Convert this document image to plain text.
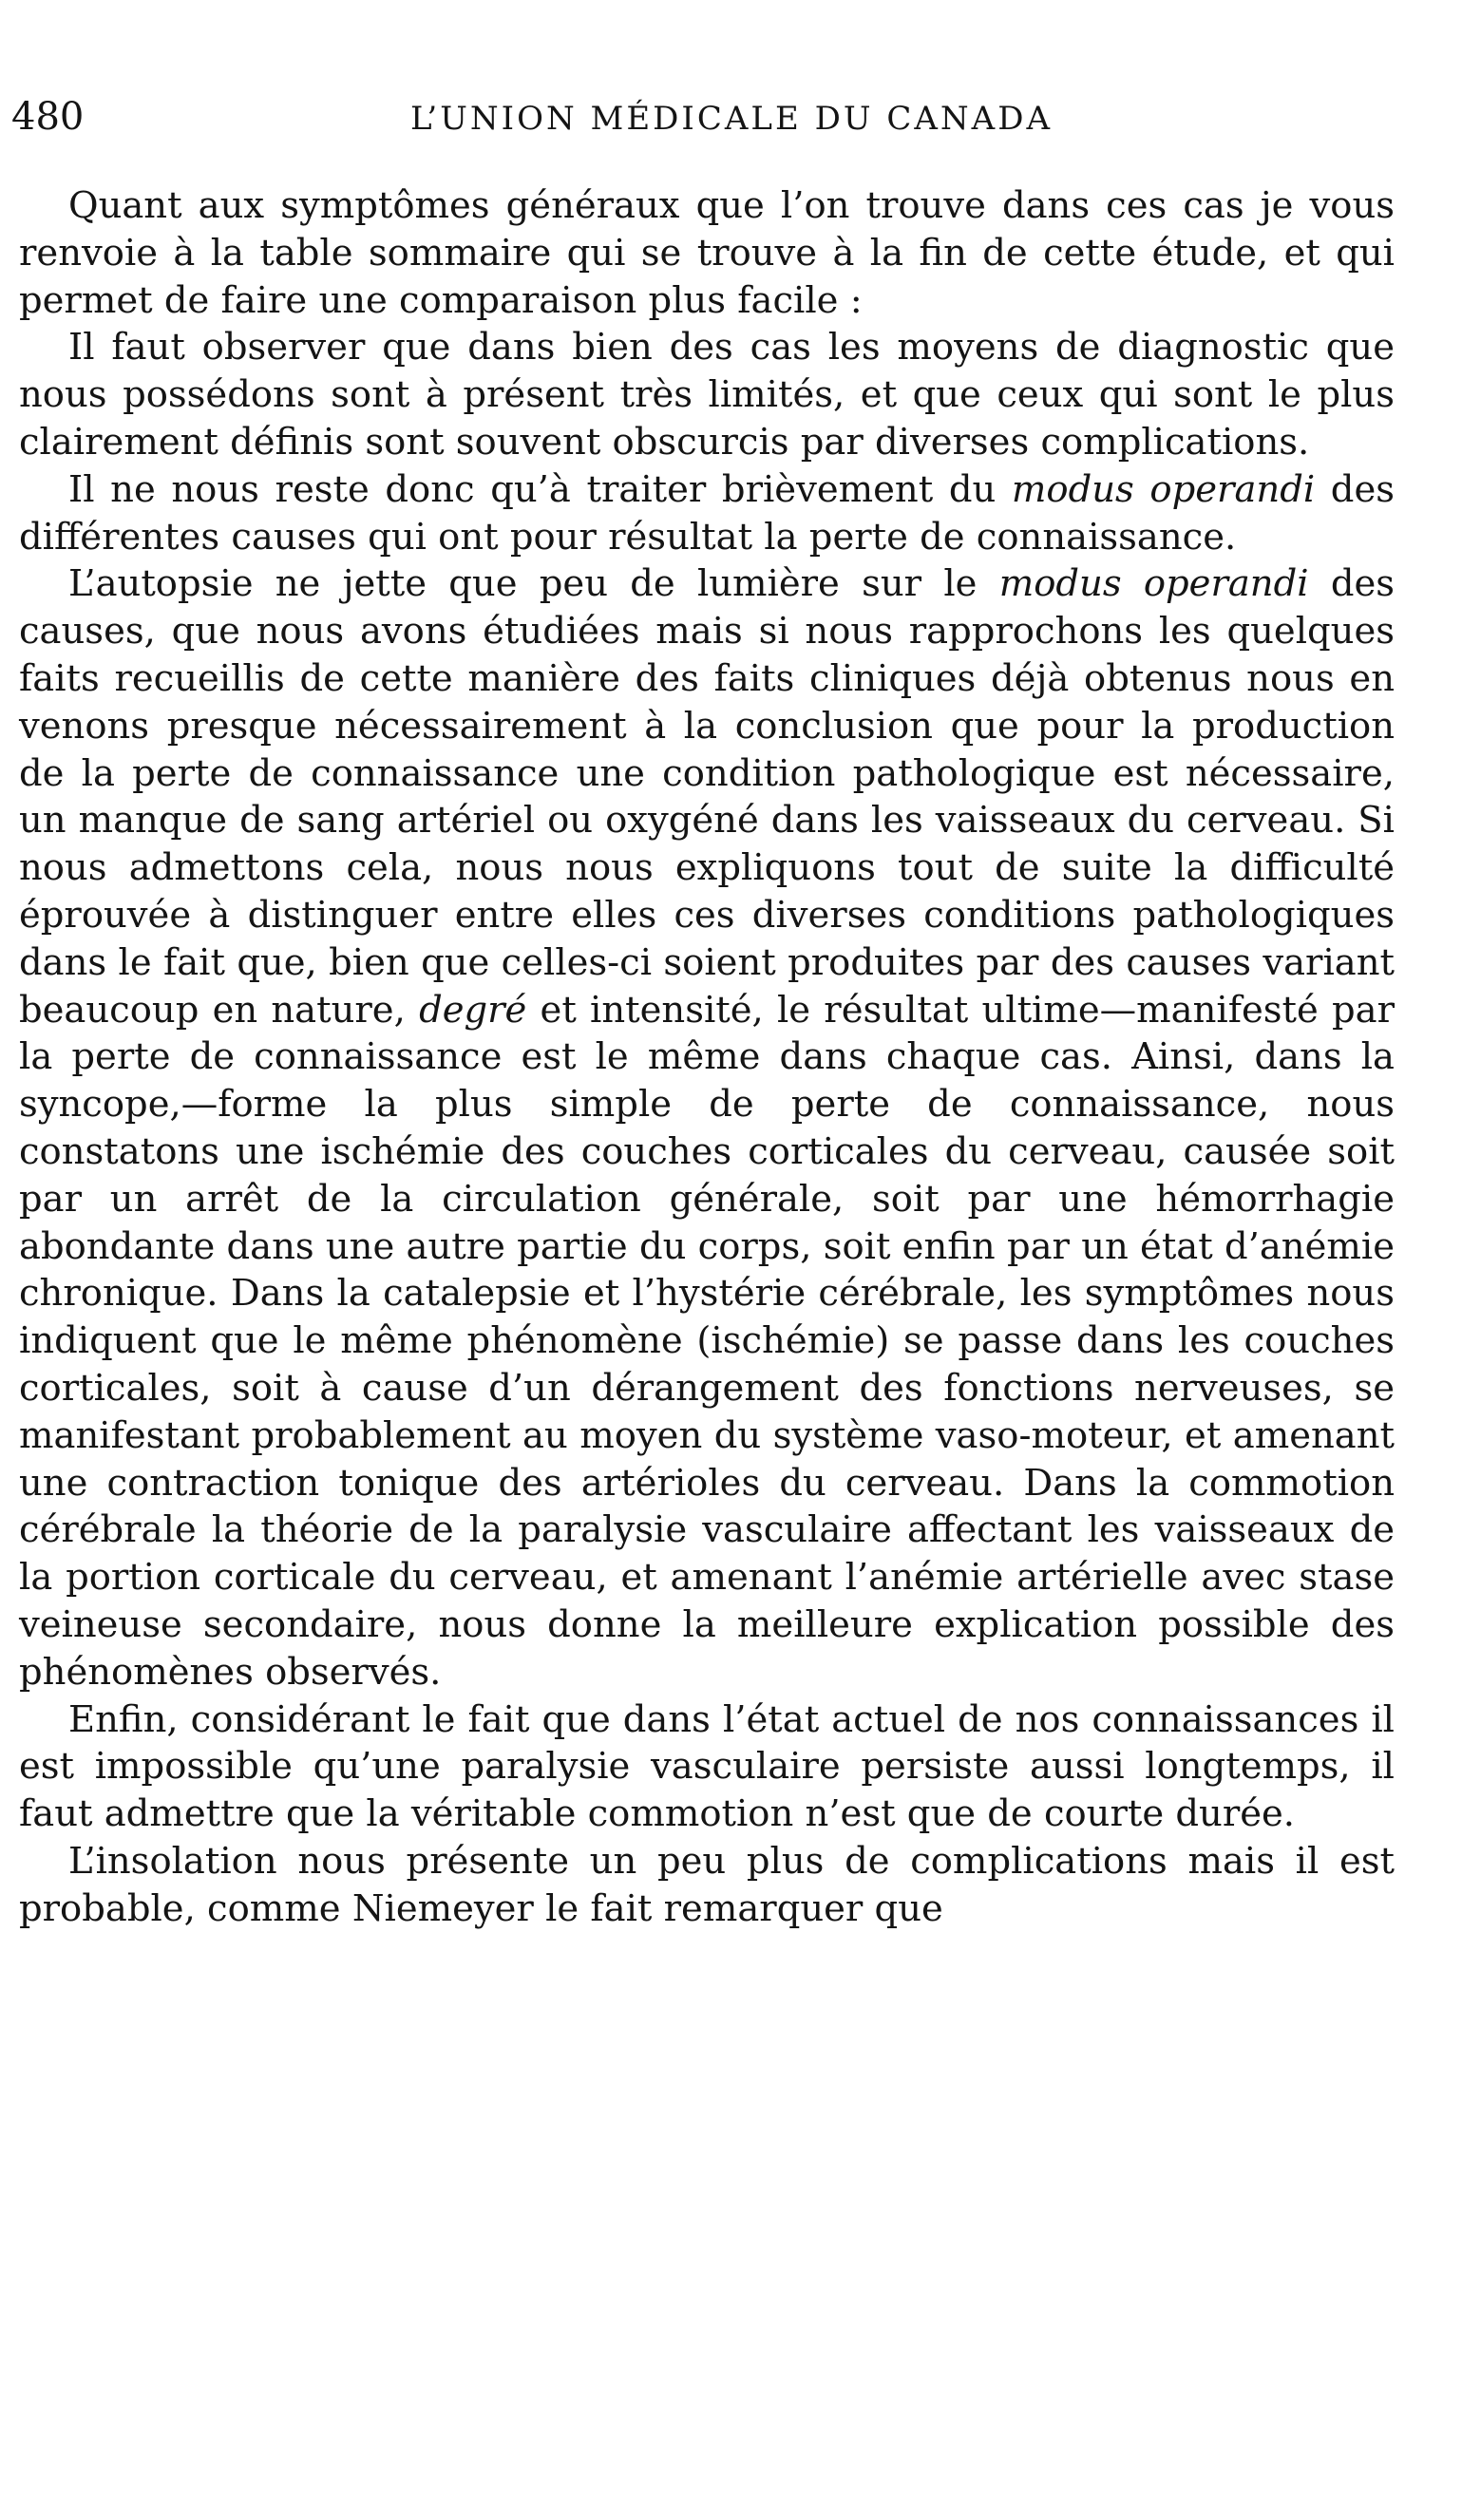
480	L’UNION MÉDICALE DU CANADA

Quant aux symptômes généraux que l’on trouve dans ces cas je vous renvoie à la table sommaire qui se trouve à la fin de cette étude, et qui permet de faire une comparaison plus facile :

Il faut observer que dans bien des cas les moyens de diagnostic que nous possédons sont à présent très limités, et que ceux qui sont le plus clairement définis sont souvent obscurcis par diverses complications.

Il ne nous reste donc qu’à traiter brièvement du modus operandi des différentes causes qui ont pour résultat la perte de connaissance.

L’autopsie ne jette que peu de lumière sur le modus operandi des causes, que nous avons étudiées mais si nous rapprochons les quelques faits recueillis de cette manière des faits cliniques déjà obtenus nous en venons presque nécessairement à la conclusion que pour la production de la perte de connaissance une condition pathologique est nécessaire, un manque de sang artériel ou oxygéné dans les vaisseaux du cerveau. Si nous admettons cela, nous nous expliquons tout de suite la difficulté éprouvée à distinguer entre elles ces diverses conditions pathologiques dans le fait que, bien que celles-ci soient produites par des causes variant beaucoup en nature, degré et intensité, le résultat ultime—manifesté par la perte de connaissance est le même dans chaque cas. Ainsi, dans la syncope,—forme la plus simple de perte de connaissance, nous constatons une ischémie des couches corticales du cerveau, causée soit par un arrêt de la circulation générale, soit par une hémorrhagie abondante dans une autre partie du corps, soit enfin par un état d’anémie chronique. Dans la catalepsie et l’hystérie cérébrale, les symptômes nous indiquent que le même phénomène (ischémie) se passe dans les couches corticales, soit à cause d’un dérangement des fonctions nerveuses, se manifestant probablement au moyen du système vaso-moteur, et amenant une contraction tonique des artérioles du cerveau. Dans la commotion cérébrale la théorie de la paralysie vasculaire affectant les vaisseaux de la portion corticale du cerveau, et amenant l’anémie artérielle avec stase veineuse secondaire, nous donne la meilleure explication possible des phénomènes observés.

Enfin, considérant le fait que dans l’état actuel de nos connaissances il est impossible qu’une paralysie vasculaire persiste aussi longtemps, il faut admettre que la véritable commotion n’est que de courte durée.

L’insolation nous présente un peu plus de complications mais il est probable, comme Niemeyer le fait remarquer que
